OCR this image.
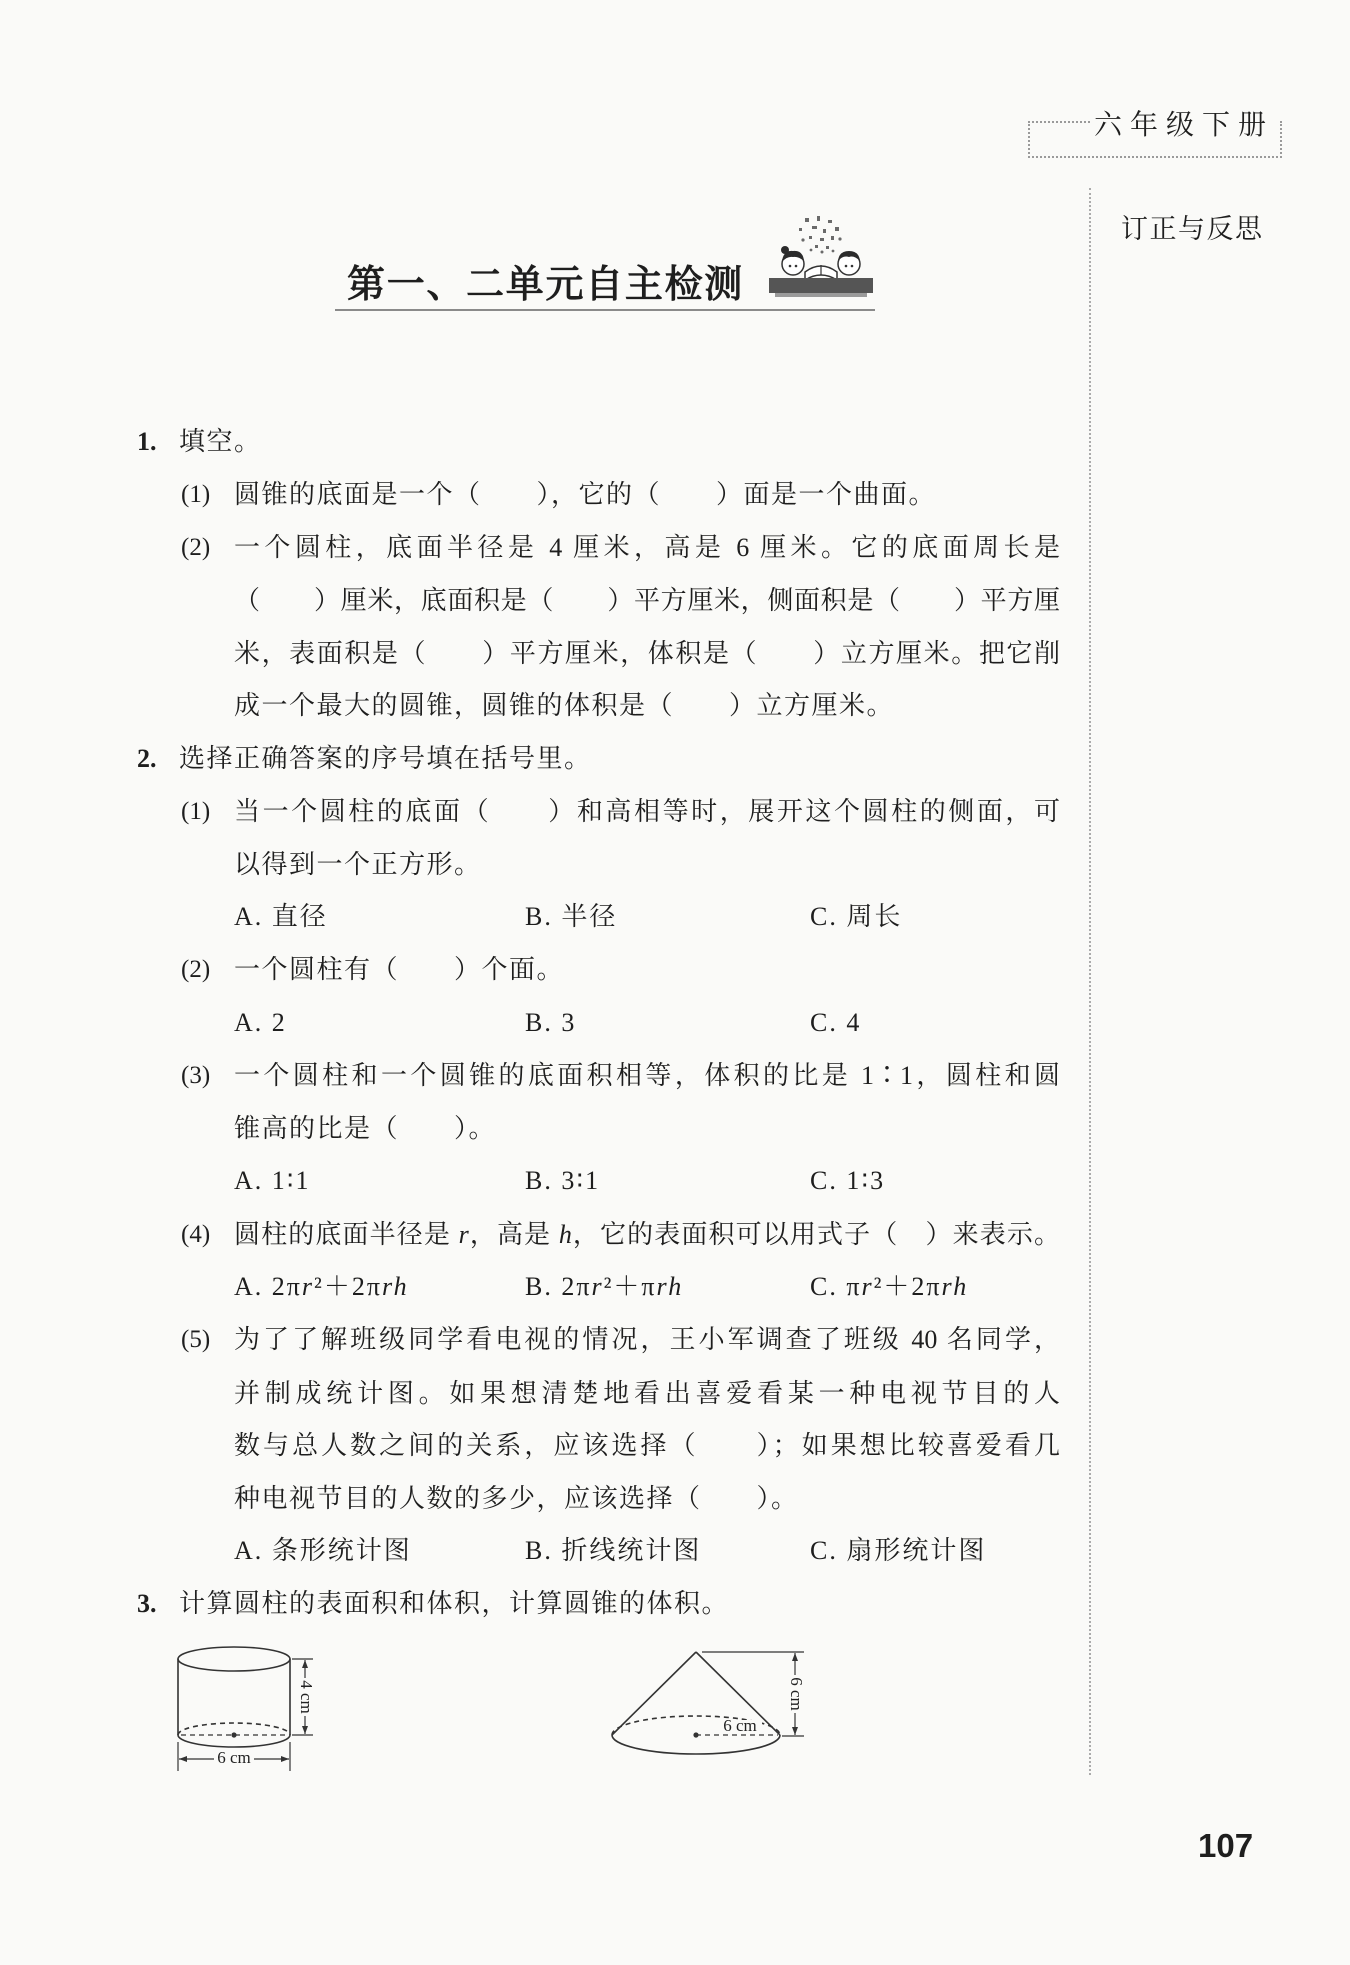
六年级下册
订正与反思
第一、二单元自主检测
1. 填空。
(1) 圆锥的底面是一个（　　），它的（　　）面是一个曲面。
(2) 一个圆柱，底面半径是 4 厘米，高是 6 厘米。它的底面周长是
（　　）厘米，底面积是（　　）平方厘米，侧面积是（　　）平方厘
米，表面积是（　　）平方厘米，体积是（　　）立方厘米。把它削
成一个最大的圆锥，圆锥的体积是（　　）立方厘米。
2. 选择正确答案的序号填在括号里。
(1) 当一个圆柱的底面（　　）和高相等时，展开这个圆柱的侧面，可
以得到一个正方形。
A. 直径	B. 半径	C. 周长
(2) 一个圆柱有（　　）个面。
A. 2	B. 3	C. 4
(3) 一个圆柱和一个圆锥的底面积相等，体积的比是 1∶1，圆柱和圆
锥高的比是（　　）。
A. 1∶1	B. 3∶1	C. 1∶3
(4) 圆柱的底面半径是 r，高是 h，它的表面积可以用式子（　）来表示。
A. 2πr²＋2πrh	B. 2πr²＋πrh	C. πr²＋2πrh
(5) 为了了解班级同学看电视的情况，王小军调查了班级 40 名同学，
并制成统计图。如果想清楚地看出喜爱看某一种电视节目的人
数与总人数之间的关系，应该选择（　　）；如果想比较喜爱看几
种电视节目的人数的多少，应该选择（　　）。
A. 条形统计图	B. 折线统计图	C. 扇形统计图
3. 计算圆柱的表面积和体积，计算圆锥的体积。
4 cm
6 cm
6 cm
6 cm
107
